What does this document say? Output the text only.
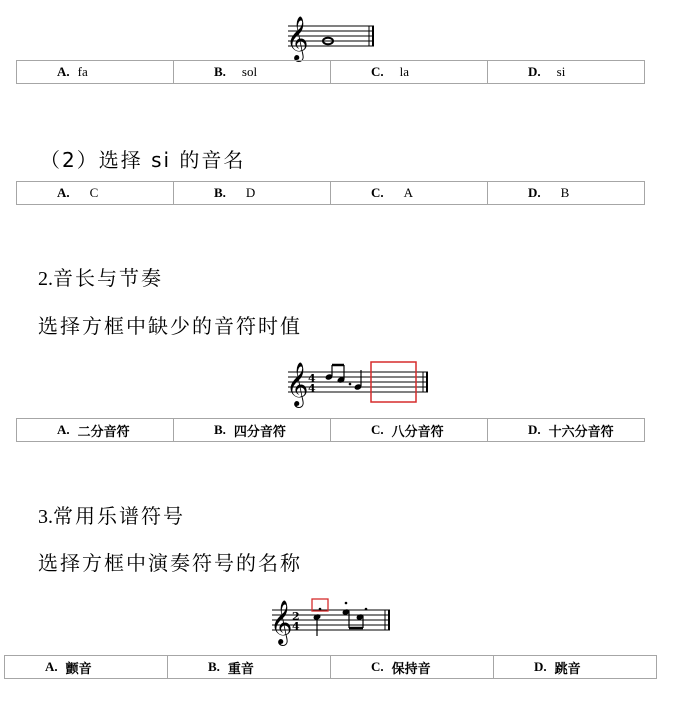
𝄞
A . fa	B . sol	C . la	D . si
（2）选择 si 的音名
A . C	B . D	C . A	D . B
2.音长与节奏
选择方框中缺少的音符时值
𝄞 4
4
A . 二分音符	B . 四分音符	C . 八分音符	D . 十六分音符
3.常用乐谱符号
选择方框中演奏符号的名称
𝄞 2
4
A . 颤音	B . 重音	C . 保持音	D . 跳音
